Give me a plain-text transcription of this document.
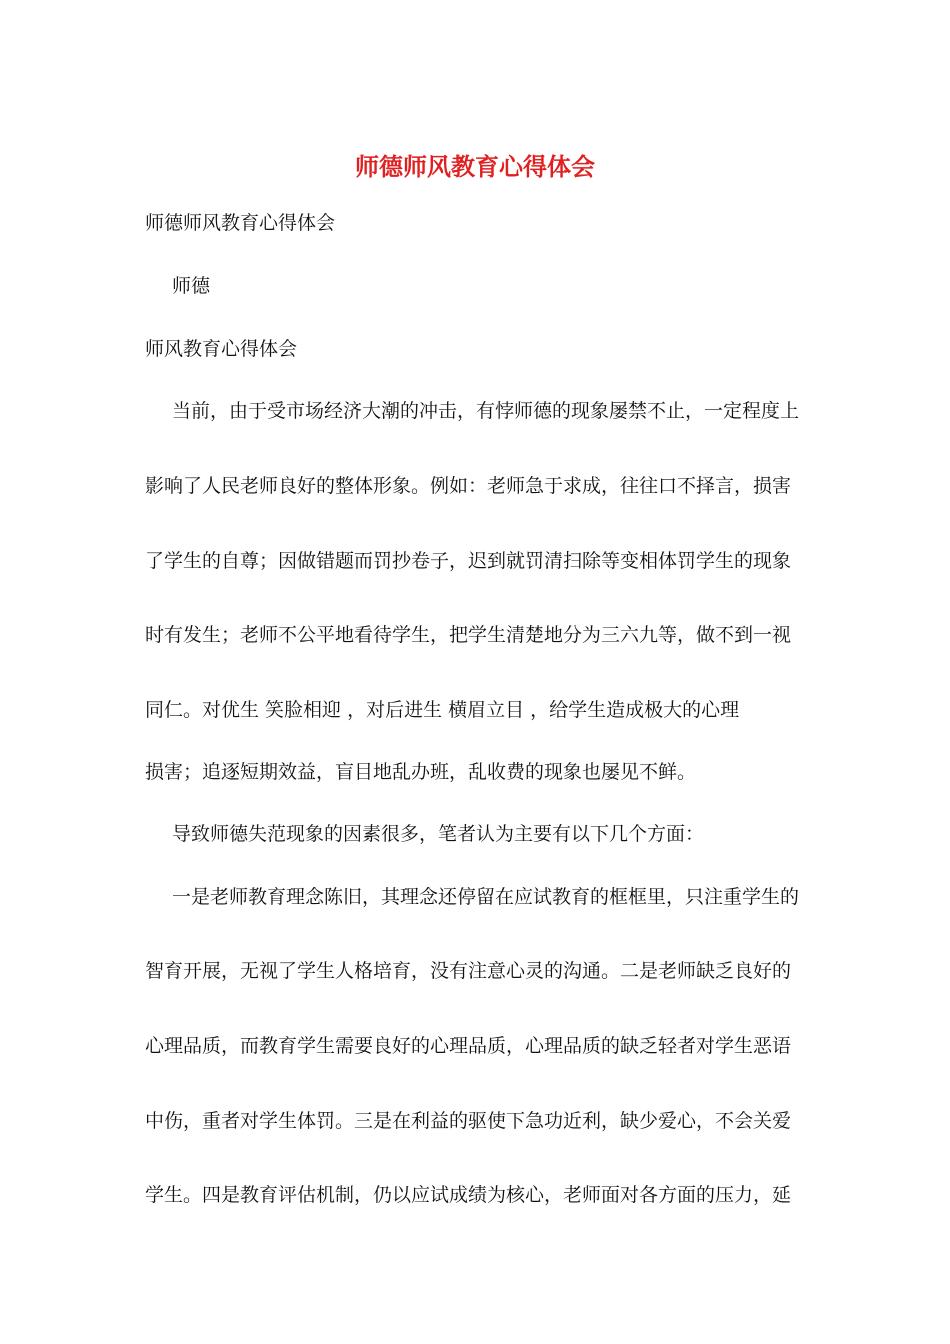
师德师风教育心得体会

师德师风教育心得体会

师德

师风教育心得体会

当前，由于受市场经济大潮的冲击，有悖师德的现象屡禁不止，一定程度上

影响了人民老师良好的整体形象。例如：老师急于求成，往往口不择言，损害

了学生的自尊；因做错题而罚抄卷子，迟到就罚清扫除等变相体罚学生的现象

时有发生；老师不公平地看待学生，把学生清楚地分为三六九等，做不到一视

同仁。对优生 笑脸相迎 ，对后进生 横眉立目 ，给学生造成极大的心理

损害；追逐短期效益，盲目地乱办班，乱收费的现象也屡见不鲜。

导致师德失范现象的因素很多，笔者认为主要有以下几个方面：

一是老师教育理念陈旧，其理念还停留在应试教育的框框里，只注重学生的

智育开展，无视了学生人格培育，没有注意心灵的沟通。二是老师缺乏良好的

心理品质，而教育学生需要良好的心理品质，心理品质的缺乏轻者对学生恶语

中伤，重者对学生体罚。三是在利益的驱使下急功近利，缺少爱心，不会关爱

学生。四是教育评估机制，仍以应试成绩为核心，老师面对各方面的压力，延
